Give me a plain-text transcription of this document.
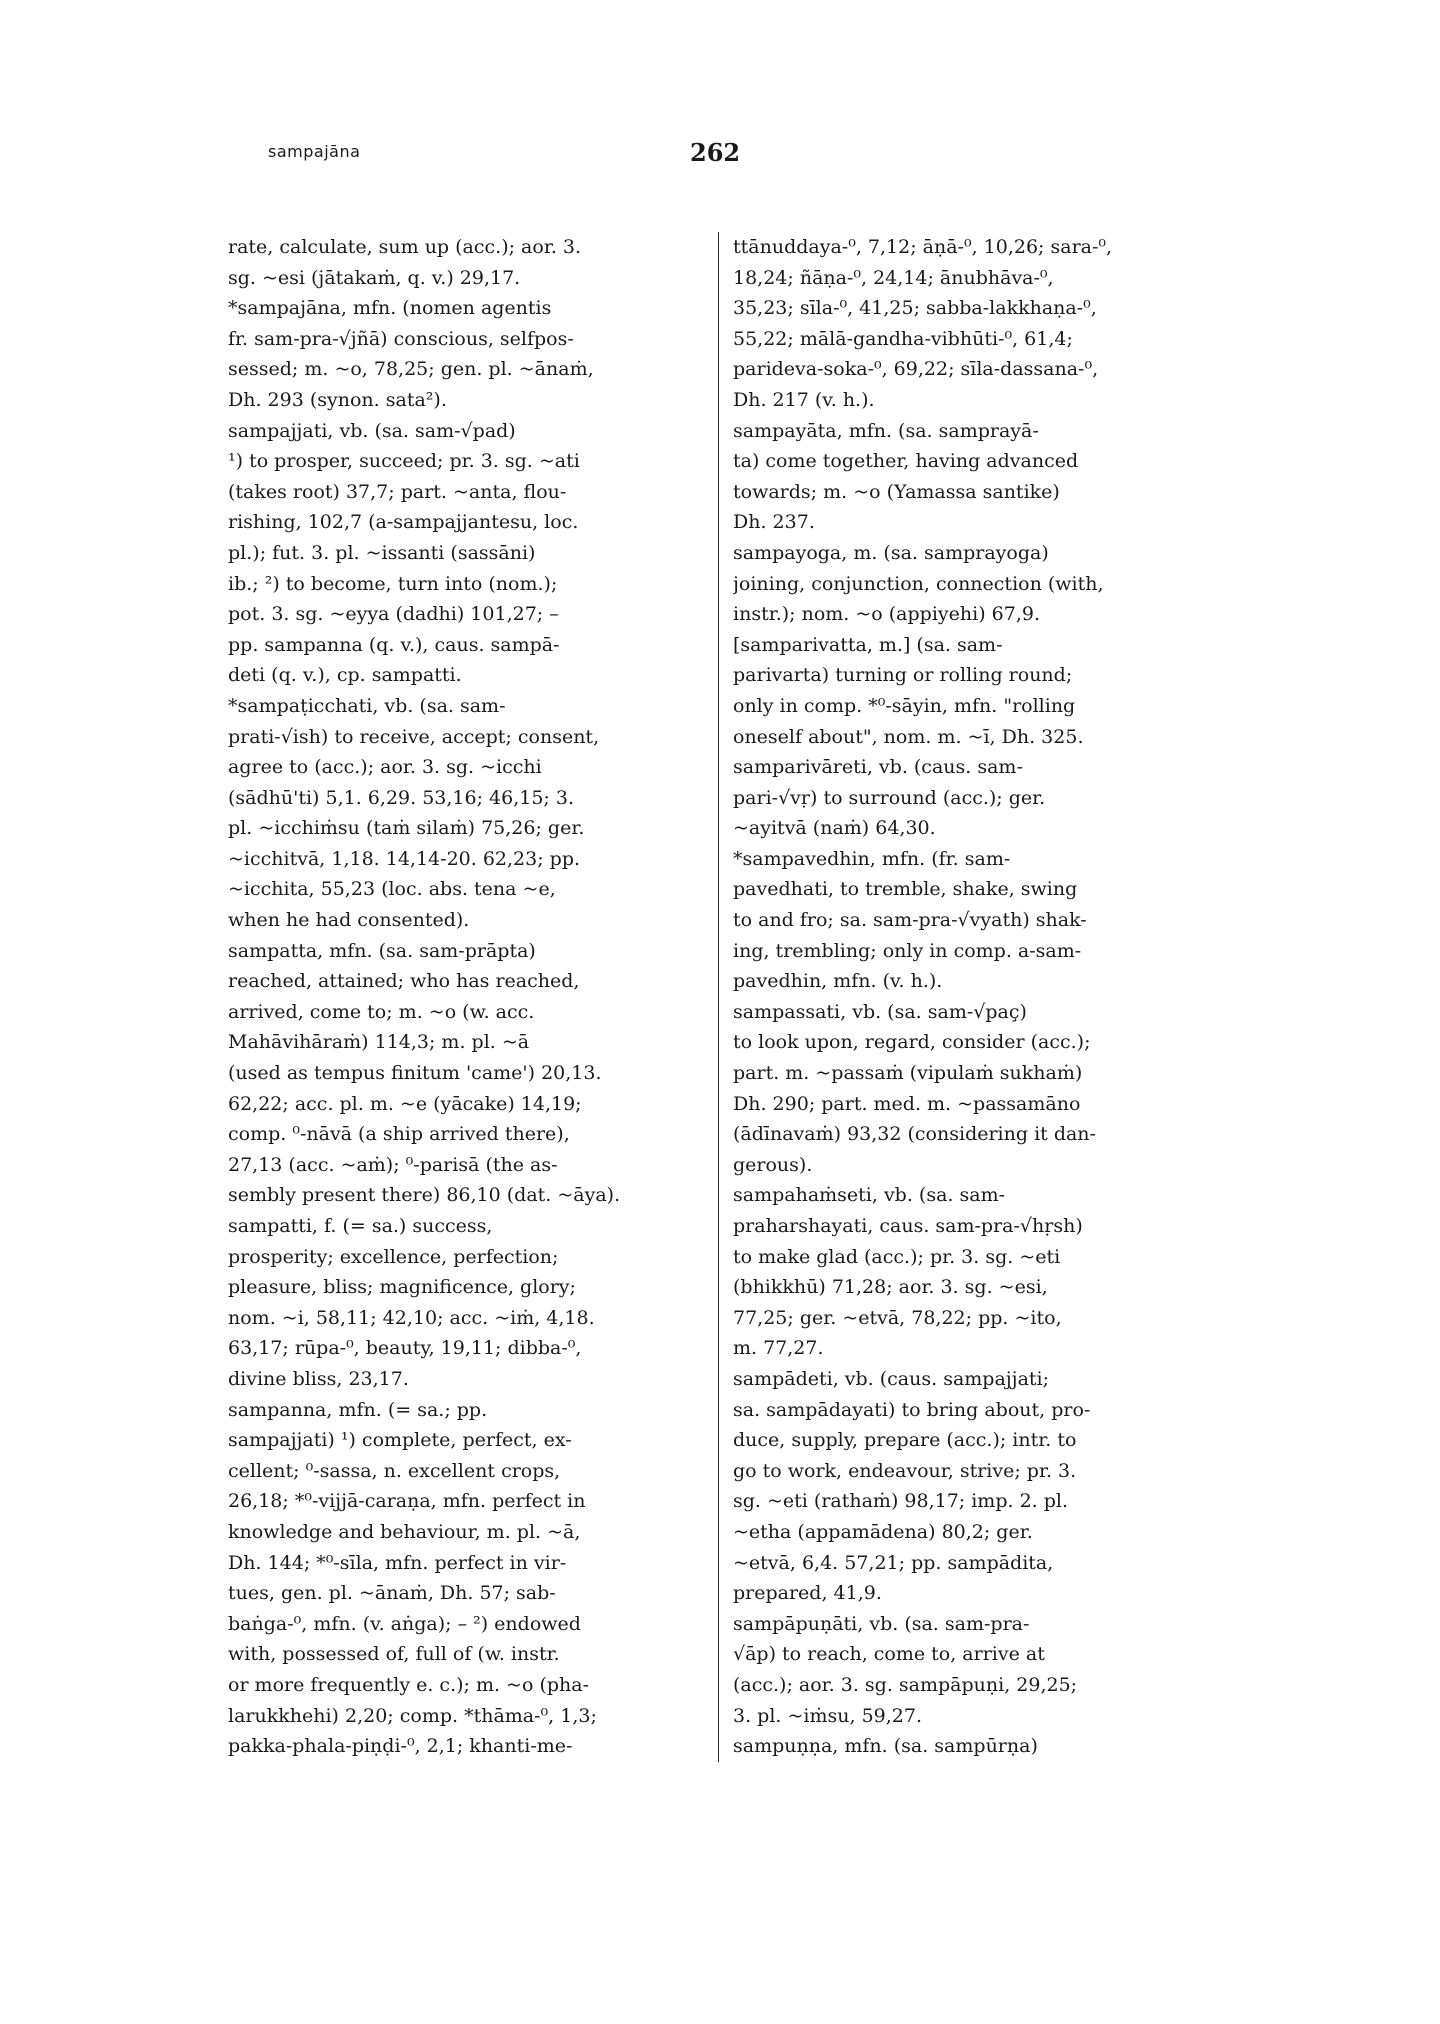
sampajāna	262
rate, calculate, sum up (acc.); aor. 3.
sg. ~esi (jātakaṁ, q. v.) 29,17.
*sampajāna, mfn. (nomen agentis
fr. sam-pra-√jñā) conscious, selfpos-
sessed; m. ~o, 78,25; gen. pl. ~ānaṁ,
Dh. 293 (synon. sata²).
sampajjati, vb. (sa. sam-√pad)
¹) to prosper, succeed; pr. 3. sg. ~ati
(takes root) 37,7; part. ~anta, flou-
rishing, 102,7 (a-sampajjantesu, loc.
pl.); fut. 3. pl. ~issanti (sassāni)
ib.; ²) to become, turn into (nom.);
pot. 3. sg. ~eyya (dadhi) 101,27; –
pp. sampanna (q. v.), caus. sampā-
deti (q. v.), cp. sampatti.
*sampaṭicchati, vb. (sa. sam-
prati-√ish) to receive, accept; consent,
agree to (acc.); aor. 3. sg. ~icchi
(sādhū'ti) 5,1. 6,29. 53,16; 46,15; 3.
pl. ~icchiṁsu (taṁ silaṁ) 75,26; ger.
~icchitvā, 1,18. 14,14-20. 62,23; pp.
~icchita, 55,23 (loc. abs. tena ~e,
when he had consented).
sampatta, mfn. (sa. sam-prāpta)
reached, attained; who has reached,
arrived, come to; m. ~o (w. acc.
Mahāvihāraṁ) 114,3; m. pl. ~ā
(used as tempus finitum 'came') 20,13.
62,22; acc. pl. m. ~e (yācake) 14,19;
comp. ⁰-nāvā (a ship arrived there),
27,13 (acc. ~aṁ); ⁰-parisā (the as-
sembly present there) 86,10 (dat. ~āya).
sampatti, f. (= sa.) success,
prosperity; excellence, perfection;
pleasure, bliss; magnificence, glory;
nom. ~i, 58,11; 42,10; acc. ~iṁ, 4,18.
63,17; rūpa-⁰, beauty, 19,11; dibba-⁰,
divine bliss, 23,17.
sampanna, mfn. (= sa.; pp.
sampajjati) ¹) complete, perfect, ex-
cellent; ⁰-sassa, n. excellent crops,
26,18; *⁰-vijjā-caraṇa, mfn. perfect in
knowledge and behaviour, m. pl. ~ā,
Dh. 144; *⁰-sīla, mfn. perfect in vir-
tues, gen. pl. ~ānaṁ, Dh. 57; sab-
baṅga-⁰, mfn. (v. aṅga); – ²) endowed
with, possessed of, full of (w. instr.
or more frequently e. c.); m. ~o (pha-
larukkhehi) 2,20; comp. *thāma-⁰, 1,3;
pakka-phala-piṇḍi-⁰, 2,1; khanti-me-
ttānuddaya-⁰, 7,12; āṇā-⁰, 10,26; sara-⁰,
18,24; ñāṇa-⁰, 24,14; ānubhāva-⁰,
35,23; sīla-⁰, 41,25; sabba-lakkhaṇa-⁰,
55,22; mālā-gandha-vibhūti-⁰, 61,4;
parideva-soka-⁰, 69,22; sīla-dassana-⁰,
Dh. 217 (v. h.).
sampayāta, mfn. (sa. samprayā-
ta) come together, having advanced
towards; m. ~o (Yamassa santike)
Dh. 237.
sampayoga, m. (sa. samprayoga)
joining, conjunction, connection (with,
instr.); nom. ~o (appiyehi) 67,9.
[samparivatta, m.] (sa. sam-
parivarta) turning or rolling round;
only in comp. *⁰-sāyin, mfn. "rolling
oneself about", nom. m. ~ī, Dh. 325.
samparivāreti, vb. (caus. sam-
pari-√vṛ) to surround (acc.); ger.
~ayitvā (naṁ) 64,30.
*sampavedhin, mfn. (fr. sam-
pavedhati, to tremble, shake, swing
to and fro; sa. sam-pra-√vyath) shak-
ing, trembling; only in comp. a-sam-
pavedhin, mfn. (v. h.).
sampassati, vb. (sa. sam-√paç)
to look upon, regard, consider (acc.);
part. m. ~passaṁ (vipulaṁ sukhaṁ)
Dh. 290; part. med. m. ~passamāno
(ādīnavaṁ) 93,32 (considering it dan-
gerous).
sampahaṁseti, vb. (sa. sam-
praharshayati, caus. sam-pra-√hṛsh)
to make glad (acc.); pr. 3. sg. ~eti
(bhikkhū) 71,28; aor. 3. sg. ~esi,
77,25; ger. ~etvā, 78,22; pp. ~ito,
m. 77,27.
sampādeti, vb. (caus. sampajjati;
sa. sampādayati) to bring about, pro-
duce, supply, prepare (acc.); intr. to
go to work, endeavour, strive; pr. 3.
sg. ~eti (rathaṁ) 98,17; imp. 2. pl.
~etha (appamādena) 80,2; ger.
~etvā, 6,4. 57,21; pp. sampādita,
prepared, 41,9.
sampāpuṇāti, vb. (sa. sam-pra-
√āp) to reach, come to, arrive at
(acc.); aor. 3. sg. sampāpuṇi, 29,25;
3. pl. ~iṁsu, 59,27.
sampuṇṇa, mfn. (sa. sampūrṇa)
